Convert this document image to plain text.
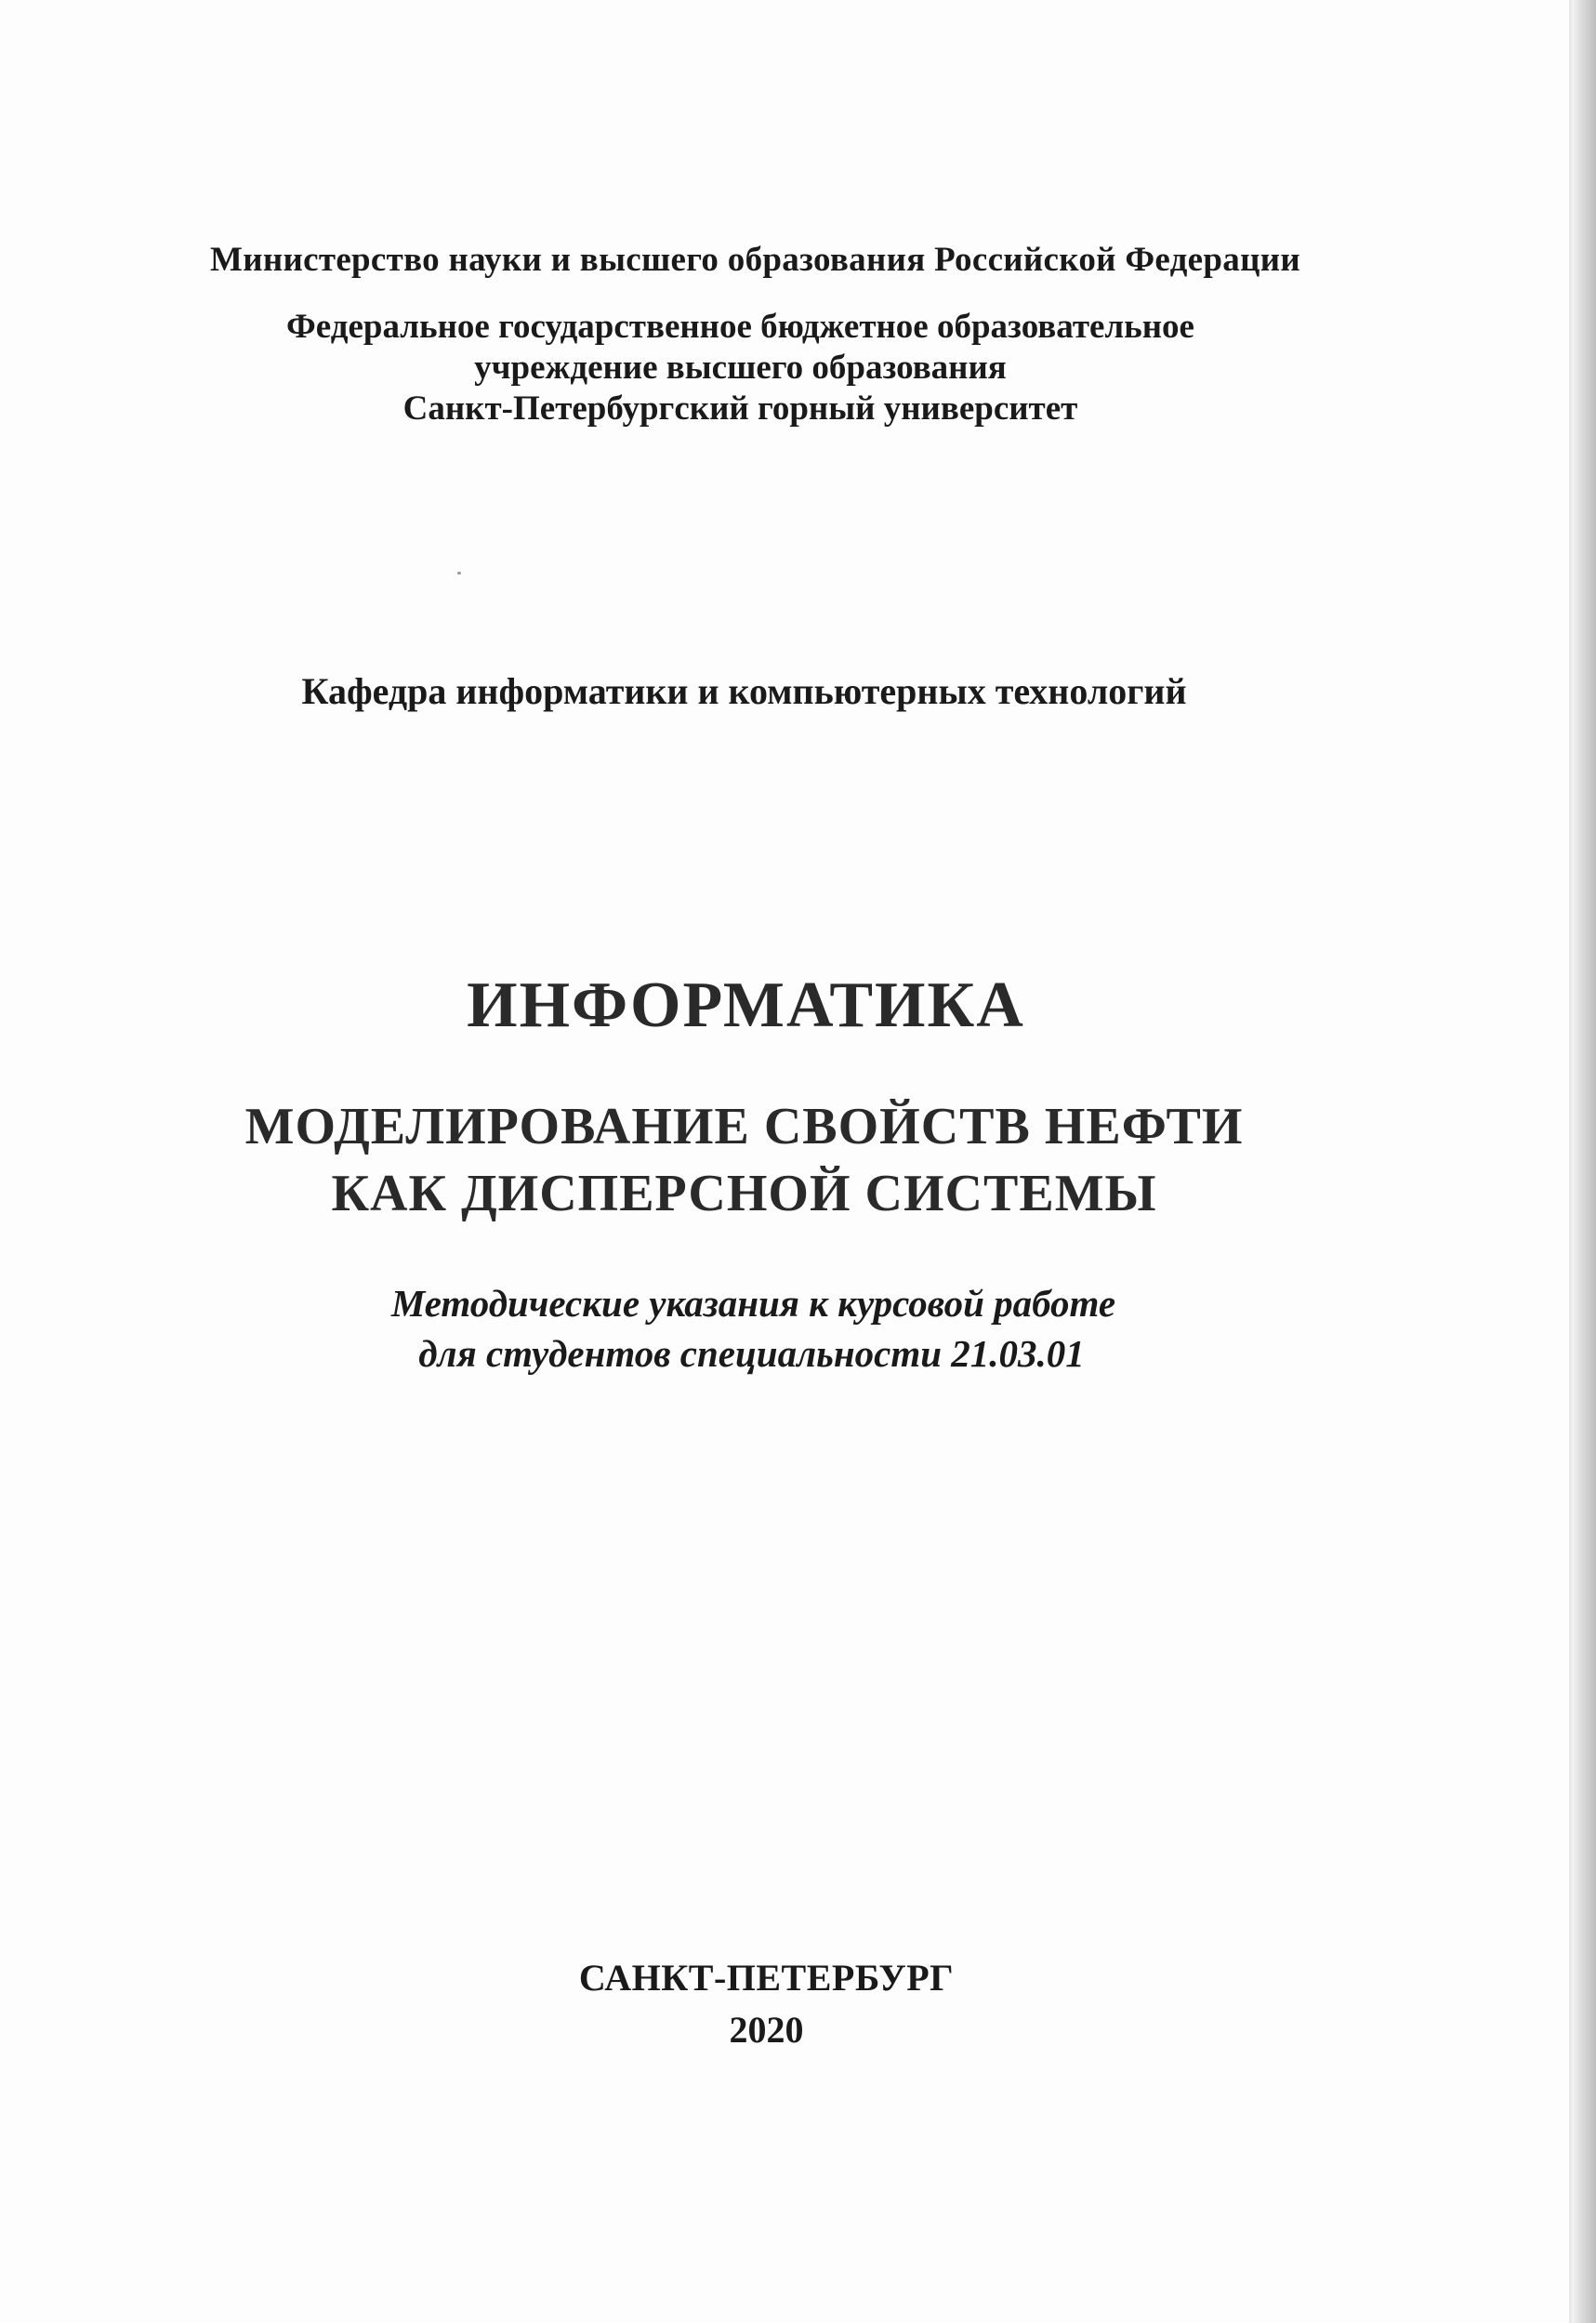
Министерство науки и высшего образования Российской Федерации
Федеральное государственное бюджетное образовательное
учреждение высшего образования
Санкт-Петербургский горный университет
Кафедра информатики и компьютерных технологий
ИНФОРМАТИКА
МОДЕЛИРОВАНИЕ СВОЙСТВ НЕФТИ
КАК ДИСПЕРСНОЙ СИСТЕМЫ
Методические указания к курсовой работе
для студентов специальности 21.03.01
САНКТ-ПЕТЕРБУРГ
2020
